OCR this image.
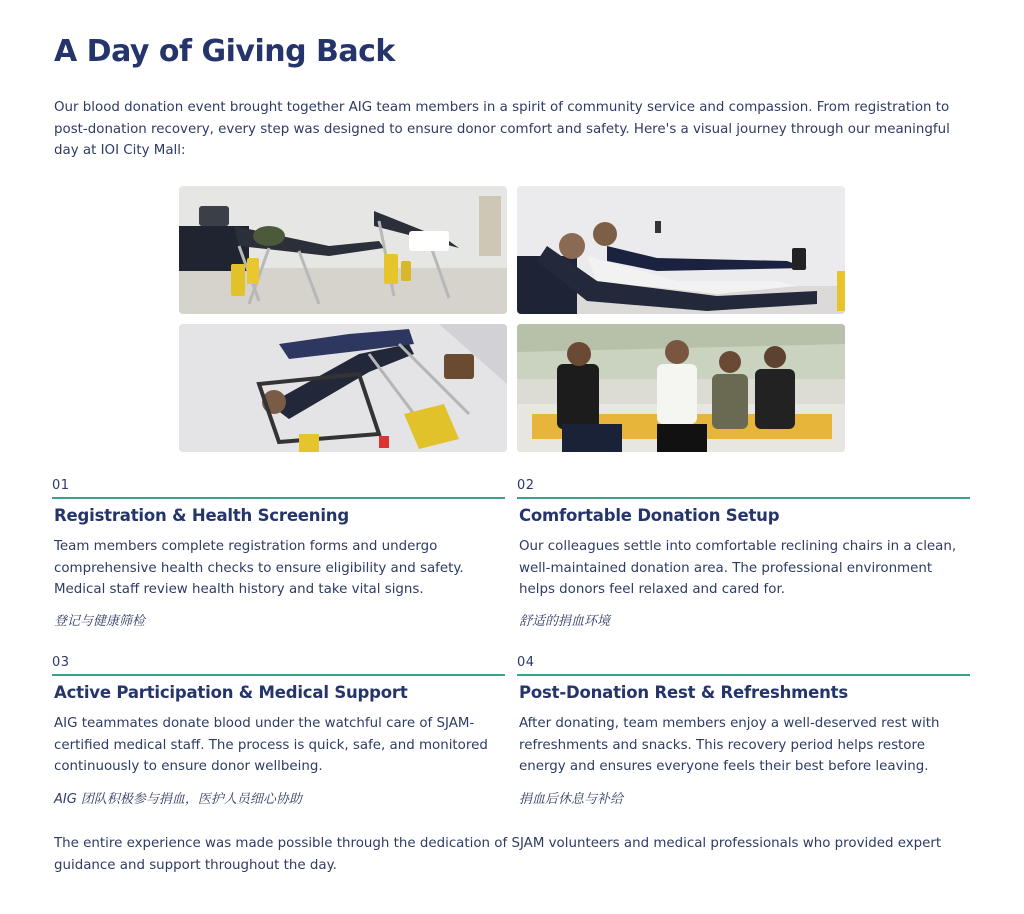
A Day of Giving Back

Our blood donation event brought together AIG team members in a spirit of community service and compassion. From registration to post-donation recovery, every step was designed to ensure donor comfort and safety. Here's a visual journey through our meaningful day at IOI City Mall:

01
Registration & Health Screening

Team members complete registration forms and undergo comprehensive health checks to ensure eligibility and safety. Medical staff review health history and take vital signs.

登记与健康筛检

02
Comfortable Donation Setup

Our colleagues settle into comfortable reclining chairs in a clean, well-maintained donation area. The professional environment helps donors feel relaxed and cared for.

舒适的捐血环境

03
Active Participation & Medical Support

AIG teammates donate blood under the watchful care of SJAM-certified medical staff. The process is quick, safe, and monitored continuously to ensure donor wellbeing.

AIG 团队积极参与捐血，医护人员细心协助

04
Post-Donation Rest & Refreshments

After donating, team members enjoy a well-deserved rest with refreshments and snacks. This recovery period helps restore energy and ensures everyone feels their best before leaving.

捐血后休息与补给

The entire experience was made possible through the dedication of SJAM volunteers and medical professionals who provided expert guidance and support throughout the day.
